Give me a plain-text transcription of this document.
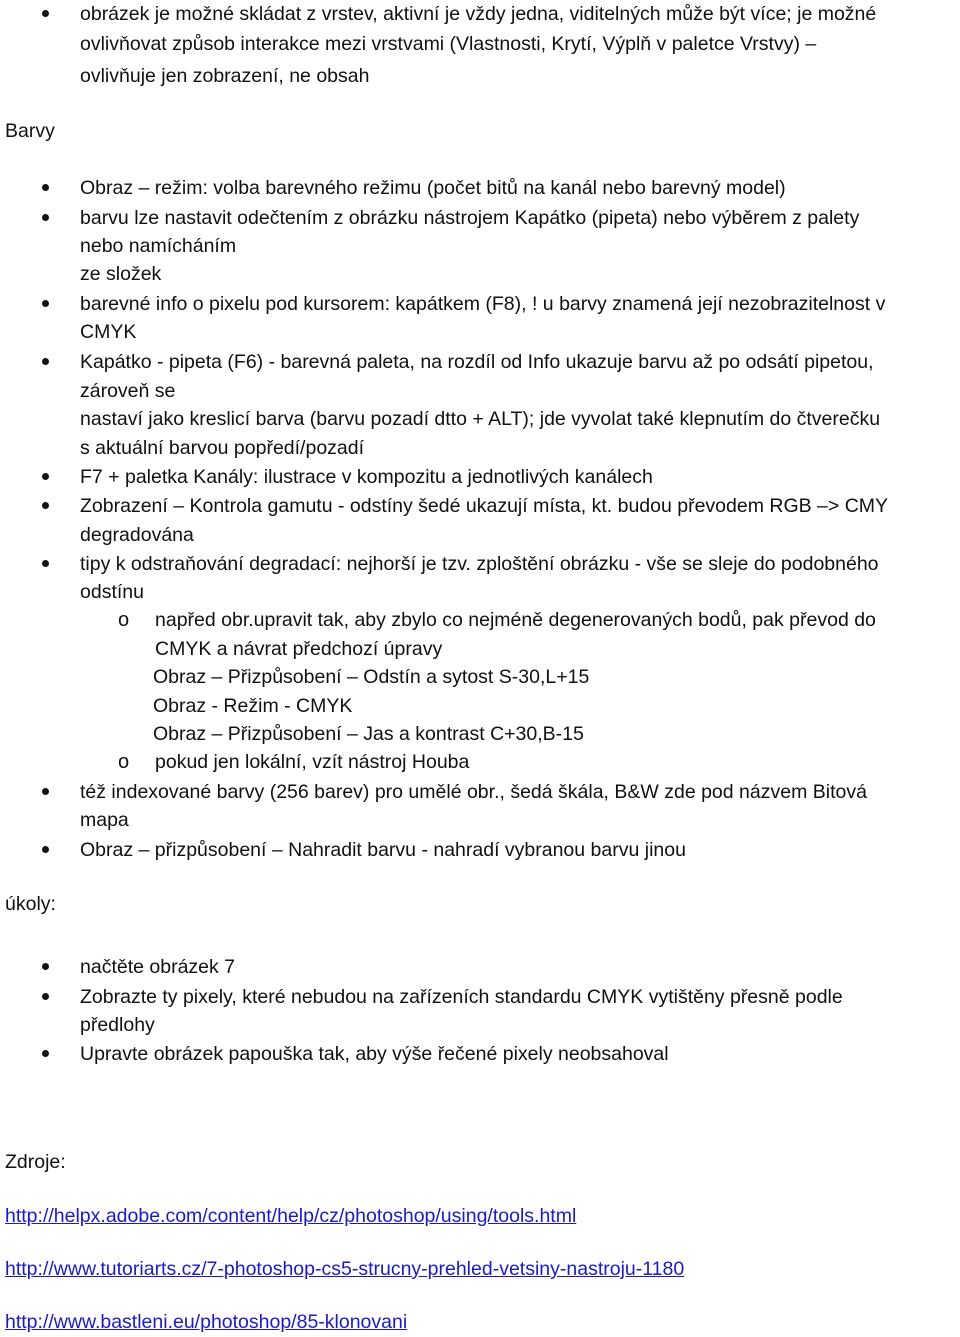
obrázek je možné skládat z vrstev, aktivní je vždy jedna, viditelných může být více; je možné
ovlivňovat způsob interakce mezi vrstvami (Vlastnosti, Krytí, Výplň v paletce Vrstvy) –
ovlivňuje jen zobrazení, ne obsah
Barvy
Obraz – režim: volba barevného režimu (počet bitů na kanál nebo barevný model)
barvu lze nastavit odečtením z obrázku nástrojem Kapátko (pipeta) nebo výběrem z palety
nebo namícháním
ze složek
barevné info o pixelu pod kursorem: kapátkem (F8), ! u barvy znamená její nezobrazitelnost v
CMYK
Kapátko - pipeta (F6) - barevná paleta, na rozdíl od Info ukazuje barvu až po odsátí pipetou,
zároveň se
nastaví jako kreslicí barva (barvu pozadí dtto + ALT); jde vyvolat také klepnutím do čtverečku
s aktuální barvou popředí/pozadí
F7 + paletka Kanály: ilustrace v kompozitu a jednotlivých kanálech
Zobrazení – Kontrola gamutu - odstíny šedé ukazují místa, kt. budou převodem RGB –> CMY
degradována
tipy k odstraňování degradací: nejhorší je tzv. zploštění obrázku - vše se sleje do podobného
odstínu
o napřed obr.upravit tak, aby zbylo co nejméně degenerovaných bodů, pak převod do
CMYK a návrat předchozí úpravy
Obraz – Přizpůsobení – Odstín a sytost S-30,L+15
Obraz - Režim - CMYK
Obraz – Přizpůsobení – Jas a kontrast C+30,B-15
o pokud jen lokální, vzít nástroj Houba
též indexované barvy (256 barev) pro umělé obr., šedá škála, B&W zde pod názvem Bitová
mapa
Obraz – přizpůsobení – Nahradit barvu - nahradí vybranou barvu jinou
úkoly:
načtěte obrázek 7
Zobrazte ty pixely, které nebudou na zařízeních standardu CMYK vytištěny přesně podle
předlohy
Upravte obrázek papouška tak, aby výše řečené pixely neobsahoval
Zdroje:
http://helpx.adobe.com/content/help/cz/photoshop/using/tools.html
http://www.tutoriarts.cz/7-photoshop-cs5-strucny-prehled-vetsiny-nastroju-1180
http://www.bastleni.eu/photoshop/85-klonovani
